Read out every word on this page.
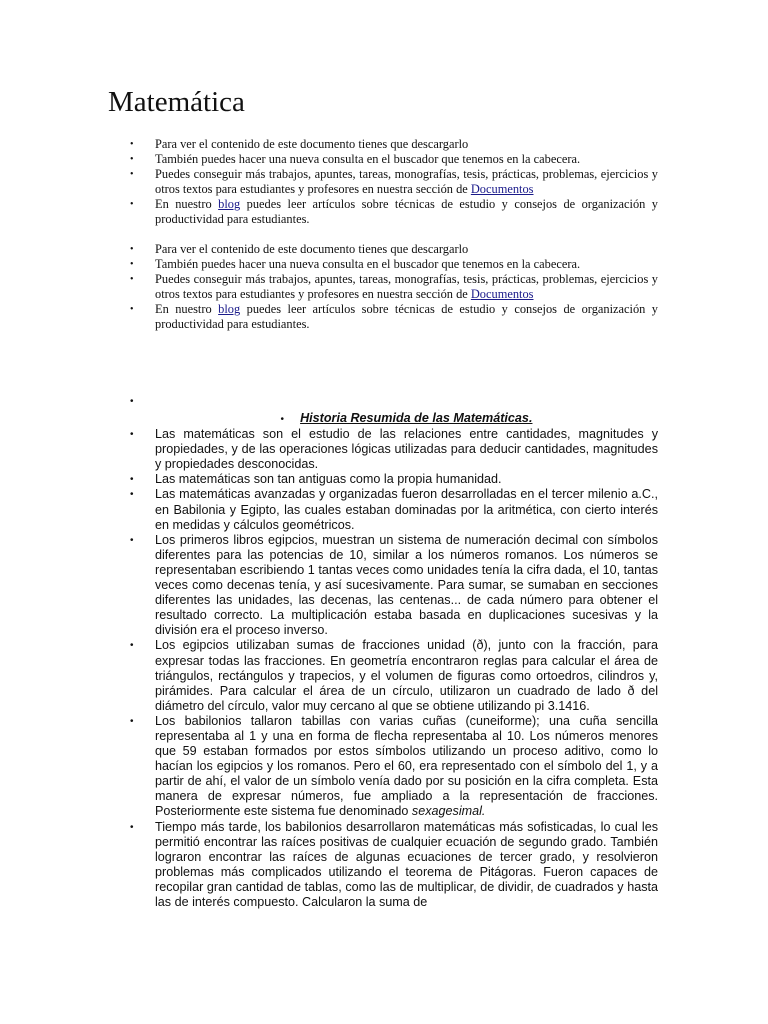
Matemática
• Para ver el contenido de este documento tienes que descargarlo
• También puedes hacer una nueva consulta en el buscador que tenemos en la cabecera.
• Puedes conseguir más trabajos, apuntes, tareas, monografías, tesis, prácticas, problemas, ejercicios y otros textos para estudiantes y profesores en nuestra sección de Documentos
• En nuestro blog puedes leer artículos sobre técnicas de estudio y consejos de organización y productividad para estudiantes.
• Para ver el contenido de este documento tienes que descargarlo
• También puedes hacer una nueva consulta en el buscador que tenemos en la cabecera.
• Puedes conseguir más trabajos, apuntes, tareas, monografías, tesis, prácticas, problemas, ejercicios y otros textos para estudiantes y profesores en nuestra sección de Documentos
• En nuestro blog puedes leer artículos sobre técnicas de estudio y consejos de organización y productividad para estudiantes.
•
• Historia Resumida de las Matemáticas.
• Las matemáticas son el estudio de las relaciones entre cantidades, magnitudes y propiedades, y de las operaciones lógicas utilizadas para deducir cantidades, magnitudes y propiedades desconocidas.
• Las matemáticas son tan antiguas como la propia humanidad.
• Las matemáticas avanzadas y organizadas fueron desarrolladas en el tercer milenio a.C., en Babilonia y Egipto, las cuales estaban dominadas por la aritmética, con cierto interés en medidas y cálculos geométricos.
• Los primeros libros egipcios, muestran un sistema de numeración decimal con símbolos diferentes para las potencias de 10, similar a los números romanos. Los números se representaban escribiendo 1 tantas veces como unidades tenía la cifra dada, el 10, tantas veces como decenas tenía, y así sucesivamente. Para sumar, se sumaban en secciones diferentes las unidades, las decenas, las centenas... de cada número para obtener el resultado correcto. La multiplicación estaba basada en duplicaciones sucesivas y la división era el proceso inverso.
• Los egipcios utilizaban sumas de fracciones unidad (ð), junto con la fracción, para expresar todas las fracciones. En geometría encontraron reglas para calcular el área de triángulos, rectángulos y trapecios, y el volumen de figuras como ortoedros, cilindros y, pirámides. Para calcular el área de un círculo, utilizaron un cuadrado de lado ð del diámetro del círculo, valor muy cercano al que se obtiene utilizando pi 3.1416.
• Los babilonios tallaron tabillas con varias cuñas (cuneiforme); una cuña sencilla representaba al 1 y una en forma de flecha representaba al 10. Los números menores que 59 estaban formados por estos símbolos utilizando un proceso aditivo, como lo hacían los egipcios y los romanos. Pero el 60, era representado con el símbolo del 1, y a partir de ahí, el valor de un símbolo venía dado por su posición en la cifra completa. Esta manera de expresar números, fue ampliado a la representación de fracciones. Posteriormente este sistema fue denominado sexagesimal.
• Tiempo más tarde, los babilonios desarrollaron matemáticas más sofisticadas, lo cual les permitió encontrar las raíces positivas de cualquier ecuación de segundo grado. También lograron encontrar las raíces de algunas ecuaciones de tercer grado, y resolvieron problemas más complicados utilizando el teorema de Pitágoras. Fueron capaces de recopilar gran cantidad de tablas, como las de multiplicar, de dividir, de cuadrados y hasta las de interés compuesto. Calcularon la suma de
